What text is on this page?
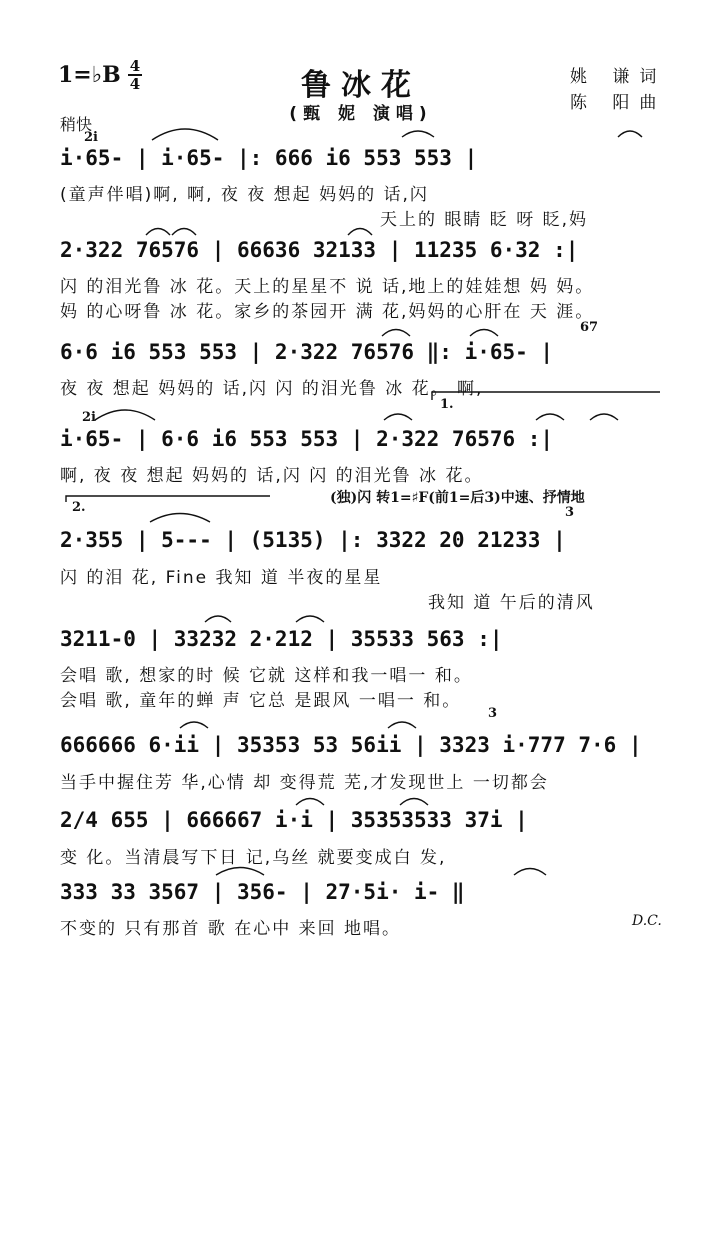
1=♭B 4
4	鲁冰花
(甄 妮 演唱)
姚 谦词
陈 阳曲
稍快
2i
67
2i
1.
2.
(独)闪 转1=♯F(前1=后3)中速、抒情地
3
3
D.C.
i·65- | i·65- |: 666 i6 553 553 |
(童声伴唱)啊, 啊, 夜 夜 想起 妈妈的 话,闪
天上的 眼睛 眨 呀 眨,妈
2·322 76576 | 66636 32133 | 11235 6·32 :|
闪 的泪光鲁 冰 花。天上的星星不 说 话,地上的娃娃想 妈 妈。
妈 的心呀鲁 冰 花。家乡的茶园开 满 花,妈妈的心肝在 天 涯。
6·6 i6 553 553 | 2·322 76576 ‖: i·65- |
夜 夜 想起 妈妈的 话,闪 闪 的泪光鲁 冰 花。 啊,
i·65- | 6·6 i6 553 553 | 2·322 76576 :|
啊, 夜 夜 想起 妈妈的 话,闪 闪 的泪光鲁 冰 花。
2·355 | 5--- | (5135) |: 3322 20 21233 |
闪 的泪 花, Fine 我知 道 半夜的星星
我知 道 午后的清风
3211-0 | 33232 2·212 | 35533 563 :|
会唱 歌, 想家的时 候 它就 这样和我一唱一 和。
会唱 歌, 童年的蝉 声 它总 是跟风 一唱一 和。
666666 6·ii | 35353 53 56ii | 3323 i·777 7·6 |
当手中握住芳 华,心情 却 变得荒 芜,才发现世上 一切都会
2/4 655 | 666667 i·i | 35353533 37i |
变 化。当清晨写下日 记,乌丝 就要变成白 发,
333 33 3567 | 356- | 27·5i· i- ‖
不变的 只有那首 歌 在心中 来回 地唱。
